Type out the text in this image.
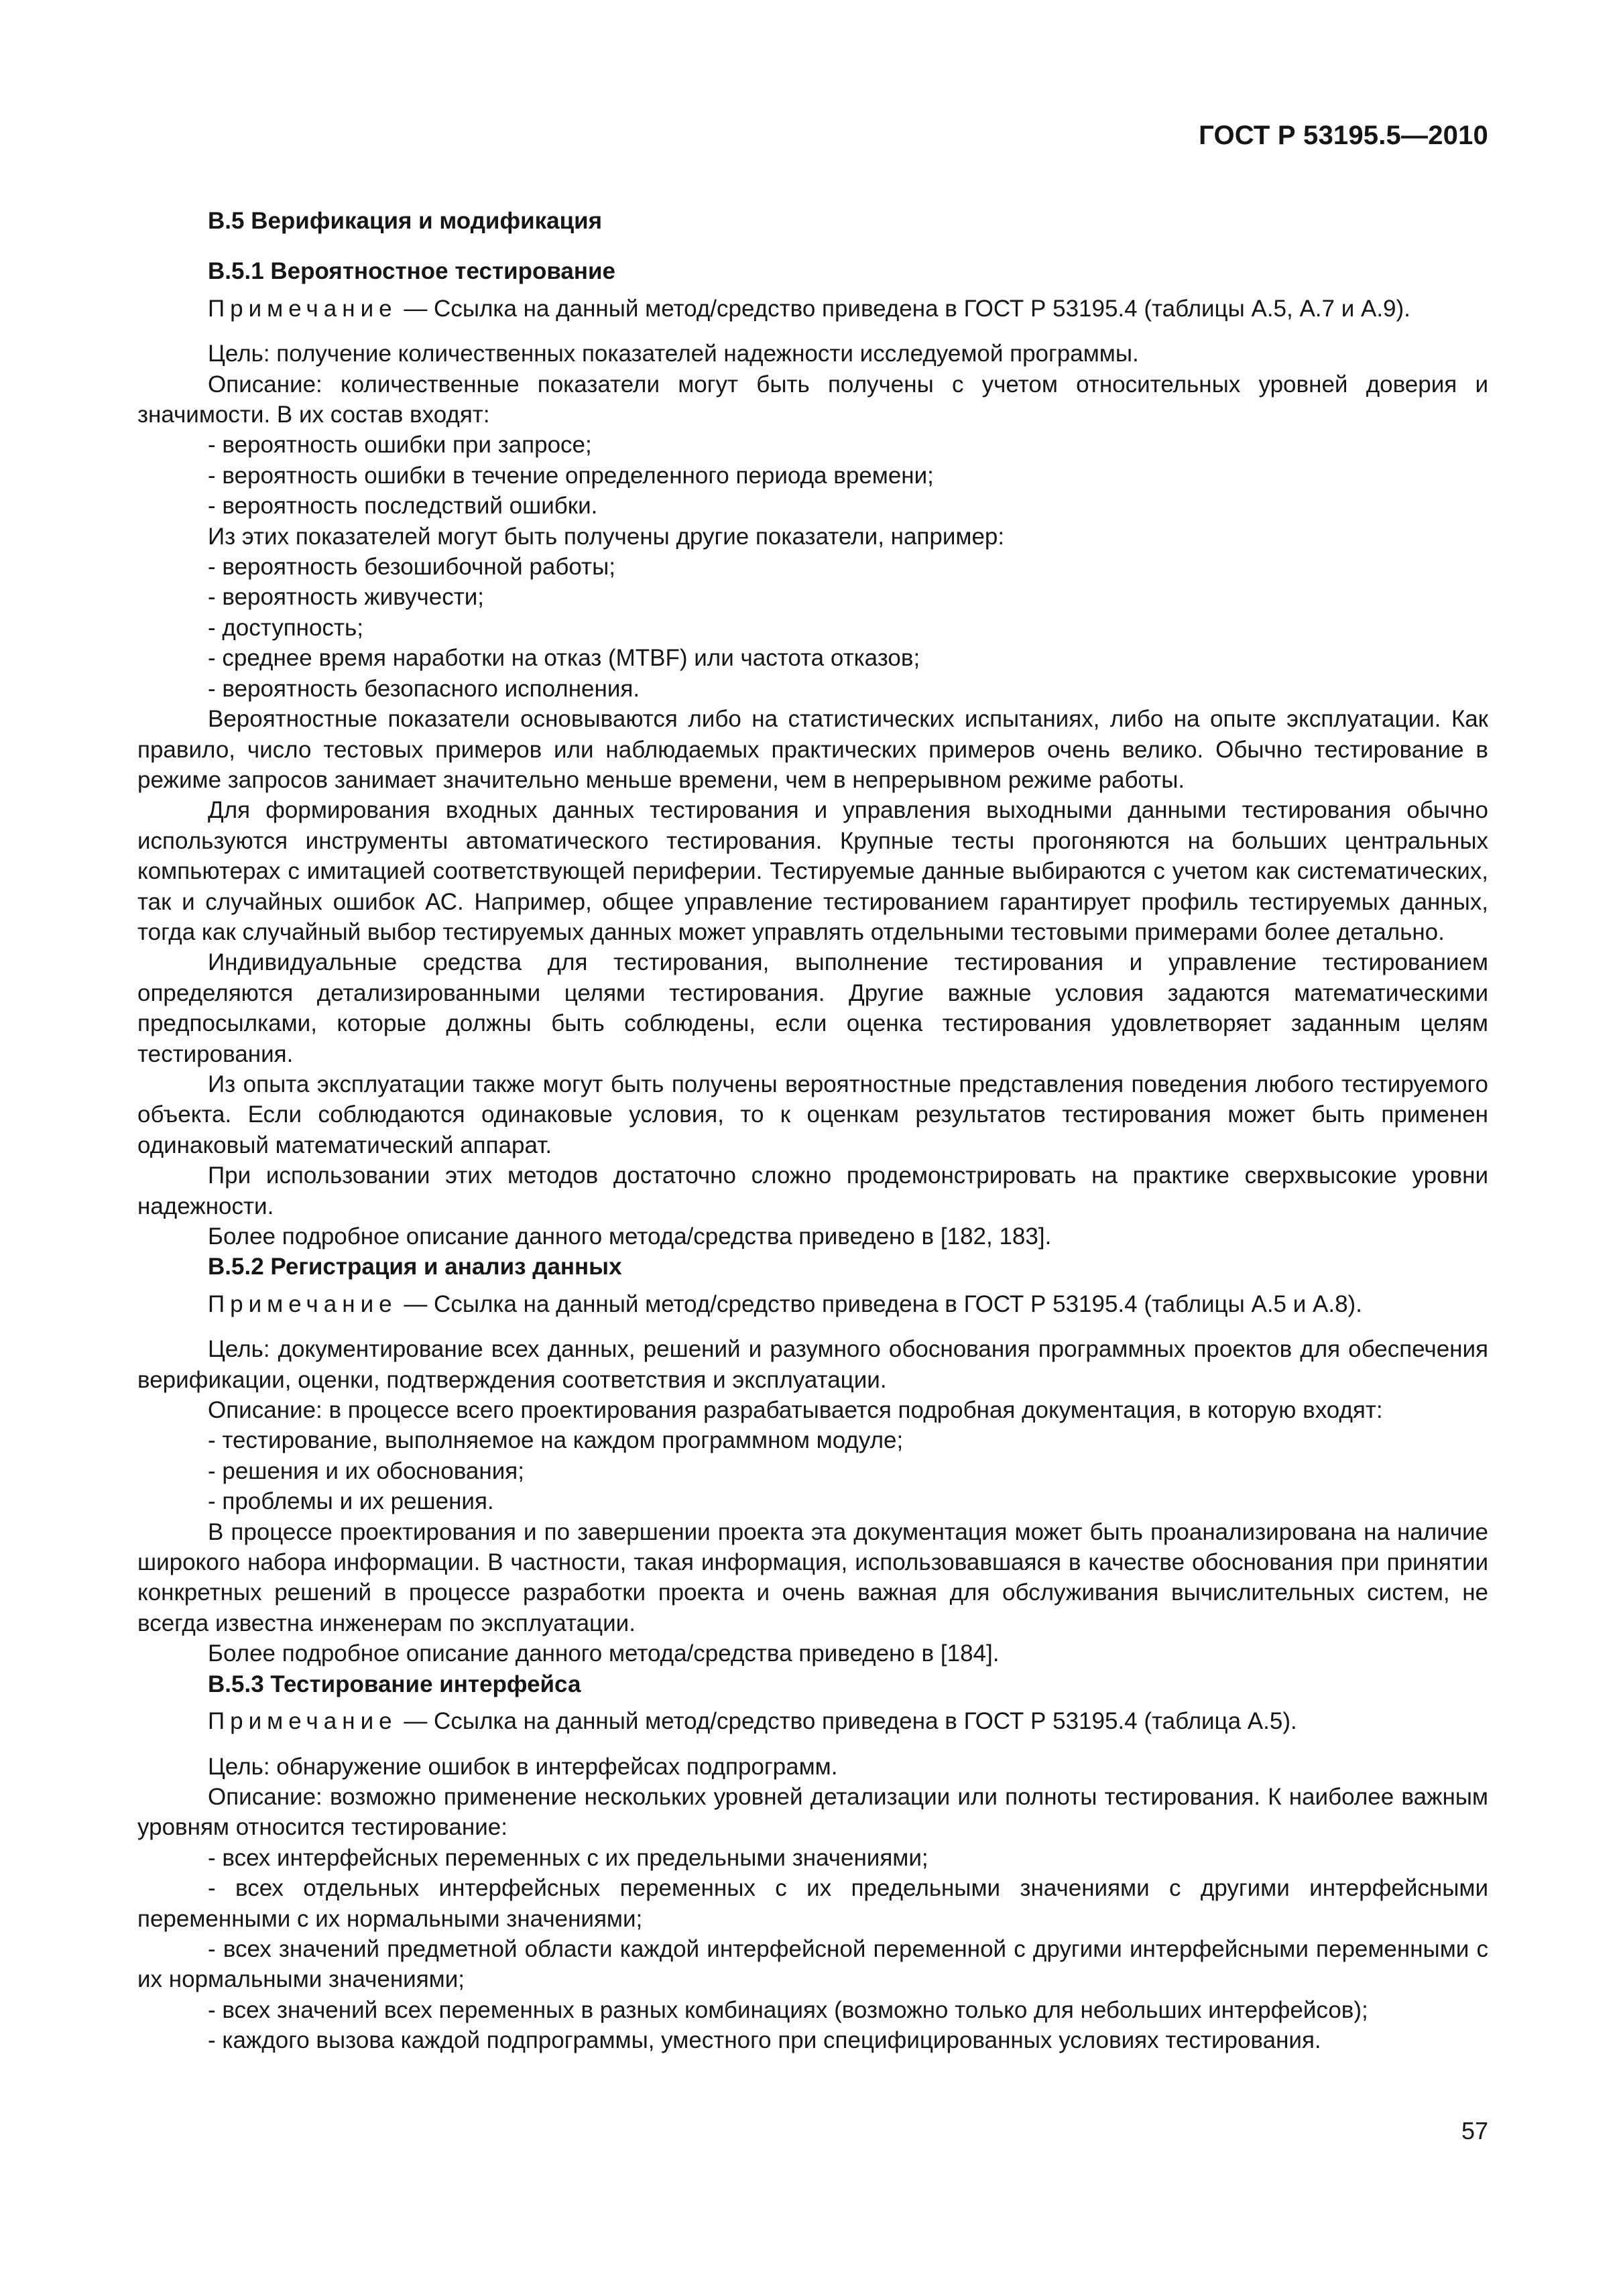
ГОСТ Р 53195.5—2010

В.5 Верификация и модификация

В.5.1 Вероятностное тестирование

Примечание — Ссылка на данный метод/средство приведена в ГОСТ Р 53195.4 (таблицы А.5, А.7 и А.9).

Цель: получение количественных показателей надежности исследуемой программы.

Описание: количественные показатели могут быть получены с учетом относительных уровней доверия и значимости. В их состав входят:

- вероятность ошибки при запросе;

- вероятность ошибки в течение определенного периода времени;

- вероятность последствий ошибки.

Из этих показателей могут быть получены другие показатели, например:

- вероятность безошибочной работы;

- вероятность живучести;

- доступность;

- среднее время наработки на отказ (MTBF) или частота отказов;

- вероятность безопасного исполнения.

Вероятностные показатели основываются либо на статистических испытаниях, либо на опыте эксплуатации. Как правило, число тестовых примеров или наблюдаемых практических примеров очень велико. Обычно тестирование в режиме запросов занимает значительно меньше времени, чем в непрерывном режиме работы.

Для формирования входных данных тестирования и управления выходными данными тестирования обычно используются инструменты автоматического тестирования. Крупные тесты прогоняются на больших центральных компьютерах с имитацией соответствующей периферии. Тестируемые данные выбираются с учетом как систематических, так и случайных ошибок АС. Например, общее управление тестированием гарантирует профиль тестируемых данных, тогда как случайный выбор тестируемых данных может управлять отдельными тестовыми примерами более детально.

Индивидуальные средства для тестирования, выполнение тестирования и управление тестированием определяются детализированными целями тестирования. Другие важные условия задаются математическими предпосылками, которые должны быть соблюдены, если оценка тестирования удовлетворяет заданным целям тестирования.

Из опыта эксплуатации также могут быть получены вероятностные представления поведения любого тестируемого объекта. Если соблюдаются одинаковые условия, то к оценкам результатов тестирования может быть применен одинаковый математический аппарат.

При использовании этих методов достаточно сложно продемонстрировать на практике сверхвысокие уровни надежности.

Более подробное описание данного метода/средства приведено в [182, 183].

В.5.2 Регистрация и анализ данных

Примечание — Ссылка на данный метод/средство приведена в ГОСТ Р 53195.4 (таблицы А.5 и А.8).

Цель: документирование всех данных, решений и разумного обоснования программных проектов для обеспечения верификации, оценки, подтверждения соответствия и эксплуатации.

Описание: в процессе всего проектирования разрабатывается подробная документация, в которую входят:

- тестирование, выполняемое на каждом программном модуле;

- решения и их обоснования;

- проблемы и их решения.

В процессе проектирования и по завершении проекта эта документация может быть проанализирована на наличие широкого набора информации. В частности, такая информация, использовавшаяся в качестве обоснования при принятии конкретных решений в процессе разработки проекта и очень важная для обслуживания вычислительных систем, не всегда известна инженерам по эксплуатации.

Более подробное описание данного метода/средства приведено в [184].

В.5.3 Тестирование интерфейса

Примечание — Ссылка на данный метод/средство приведена в ГОСТ Р 53195.4 (таблица А.5).

Цель: обнаружение ошибок в интерфейсах подпрограмм.

Описание: возможно применение нескольких уровней детализации или полноты тестирования. К наиболее важным уровням относится тестирование:

- всех интерфейсных переменных с их предельными значениями;

- всех отдельных интерфейсных переменных с их предельными значениями с другими интерфейсными переменными с их нормальными значениями;

- всех значений предметной области каждой интерфейсной переменной с другими интерфейсными переменными с их нормальными значениями;

- всех значений всех переменных в разных комбинациях (возможно только для небольших интерфейсов);

- каждого вызова каждой подпрограммы, уместного при специфицированных условиях тестирования.

57
